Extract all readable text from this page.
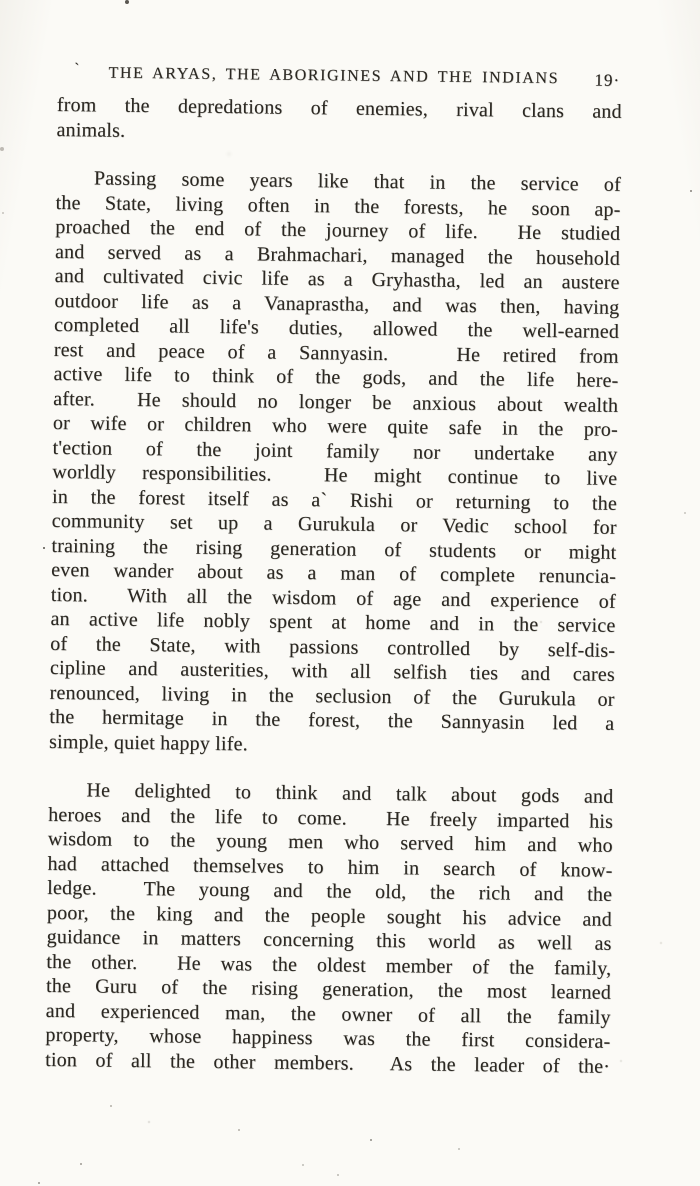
`	THE ARYAS, THE ABORIGINES AND THE INDIANS	19·
from the depredations of enemies, rival clans and
animals.
Passing some years like that in the service of
the State, living often in the forests, he soon ap-
proached the end of the journey of life.  He studied
and served as a Brahmachari, managed the household
and cultivated civic life as a Gryhastha, led an austere
outdoor life as a Vanaprastha, and was then, having
completed all life's duties, allowed the well-earned
rest and peace of a Sannyasin.   He retired from
active life to think of the gods, and the life here-
after.  He should no longer be anxious about wealth
or wife or children who were quite safe in the pro-
t'ection of the joint family nor undertake any
worldly responsibilities.  He might continue to live
in the forest itself as a` Rishi or returning to the
community set up a Gurukula or Vedic school for
training the rising generation of students or might
even wander about as a man of complete renuncia-
tion.  With all the wisdom of age and experience of
an active life nobly spent at home and in the service
of the State, with passions controlled by self-dis-
cipline and austerities, with all selfish ties and cares
renounced, living in the seclusion of the Gurukula or
the hermitage in the forest, the Sannyasin led a
simple, quiet happy life.
He delighted to think and talk about gods and
heroes and the life to come.  He freely imparted his
wisdom to the young men who served him and who
had attached themselves to him in search of know-
ledge.  The young and the old, the rich and the
poor, the king and the people sought his advice and
guidance in matters concerning this world as well as
the other.  He was the oldest member of the family,
the Guru of the rising generation, the most learned
and experienced man, the owner of all the family
property, whose happiness was the first considera-
tion of all the other members.  As the leader of the·
